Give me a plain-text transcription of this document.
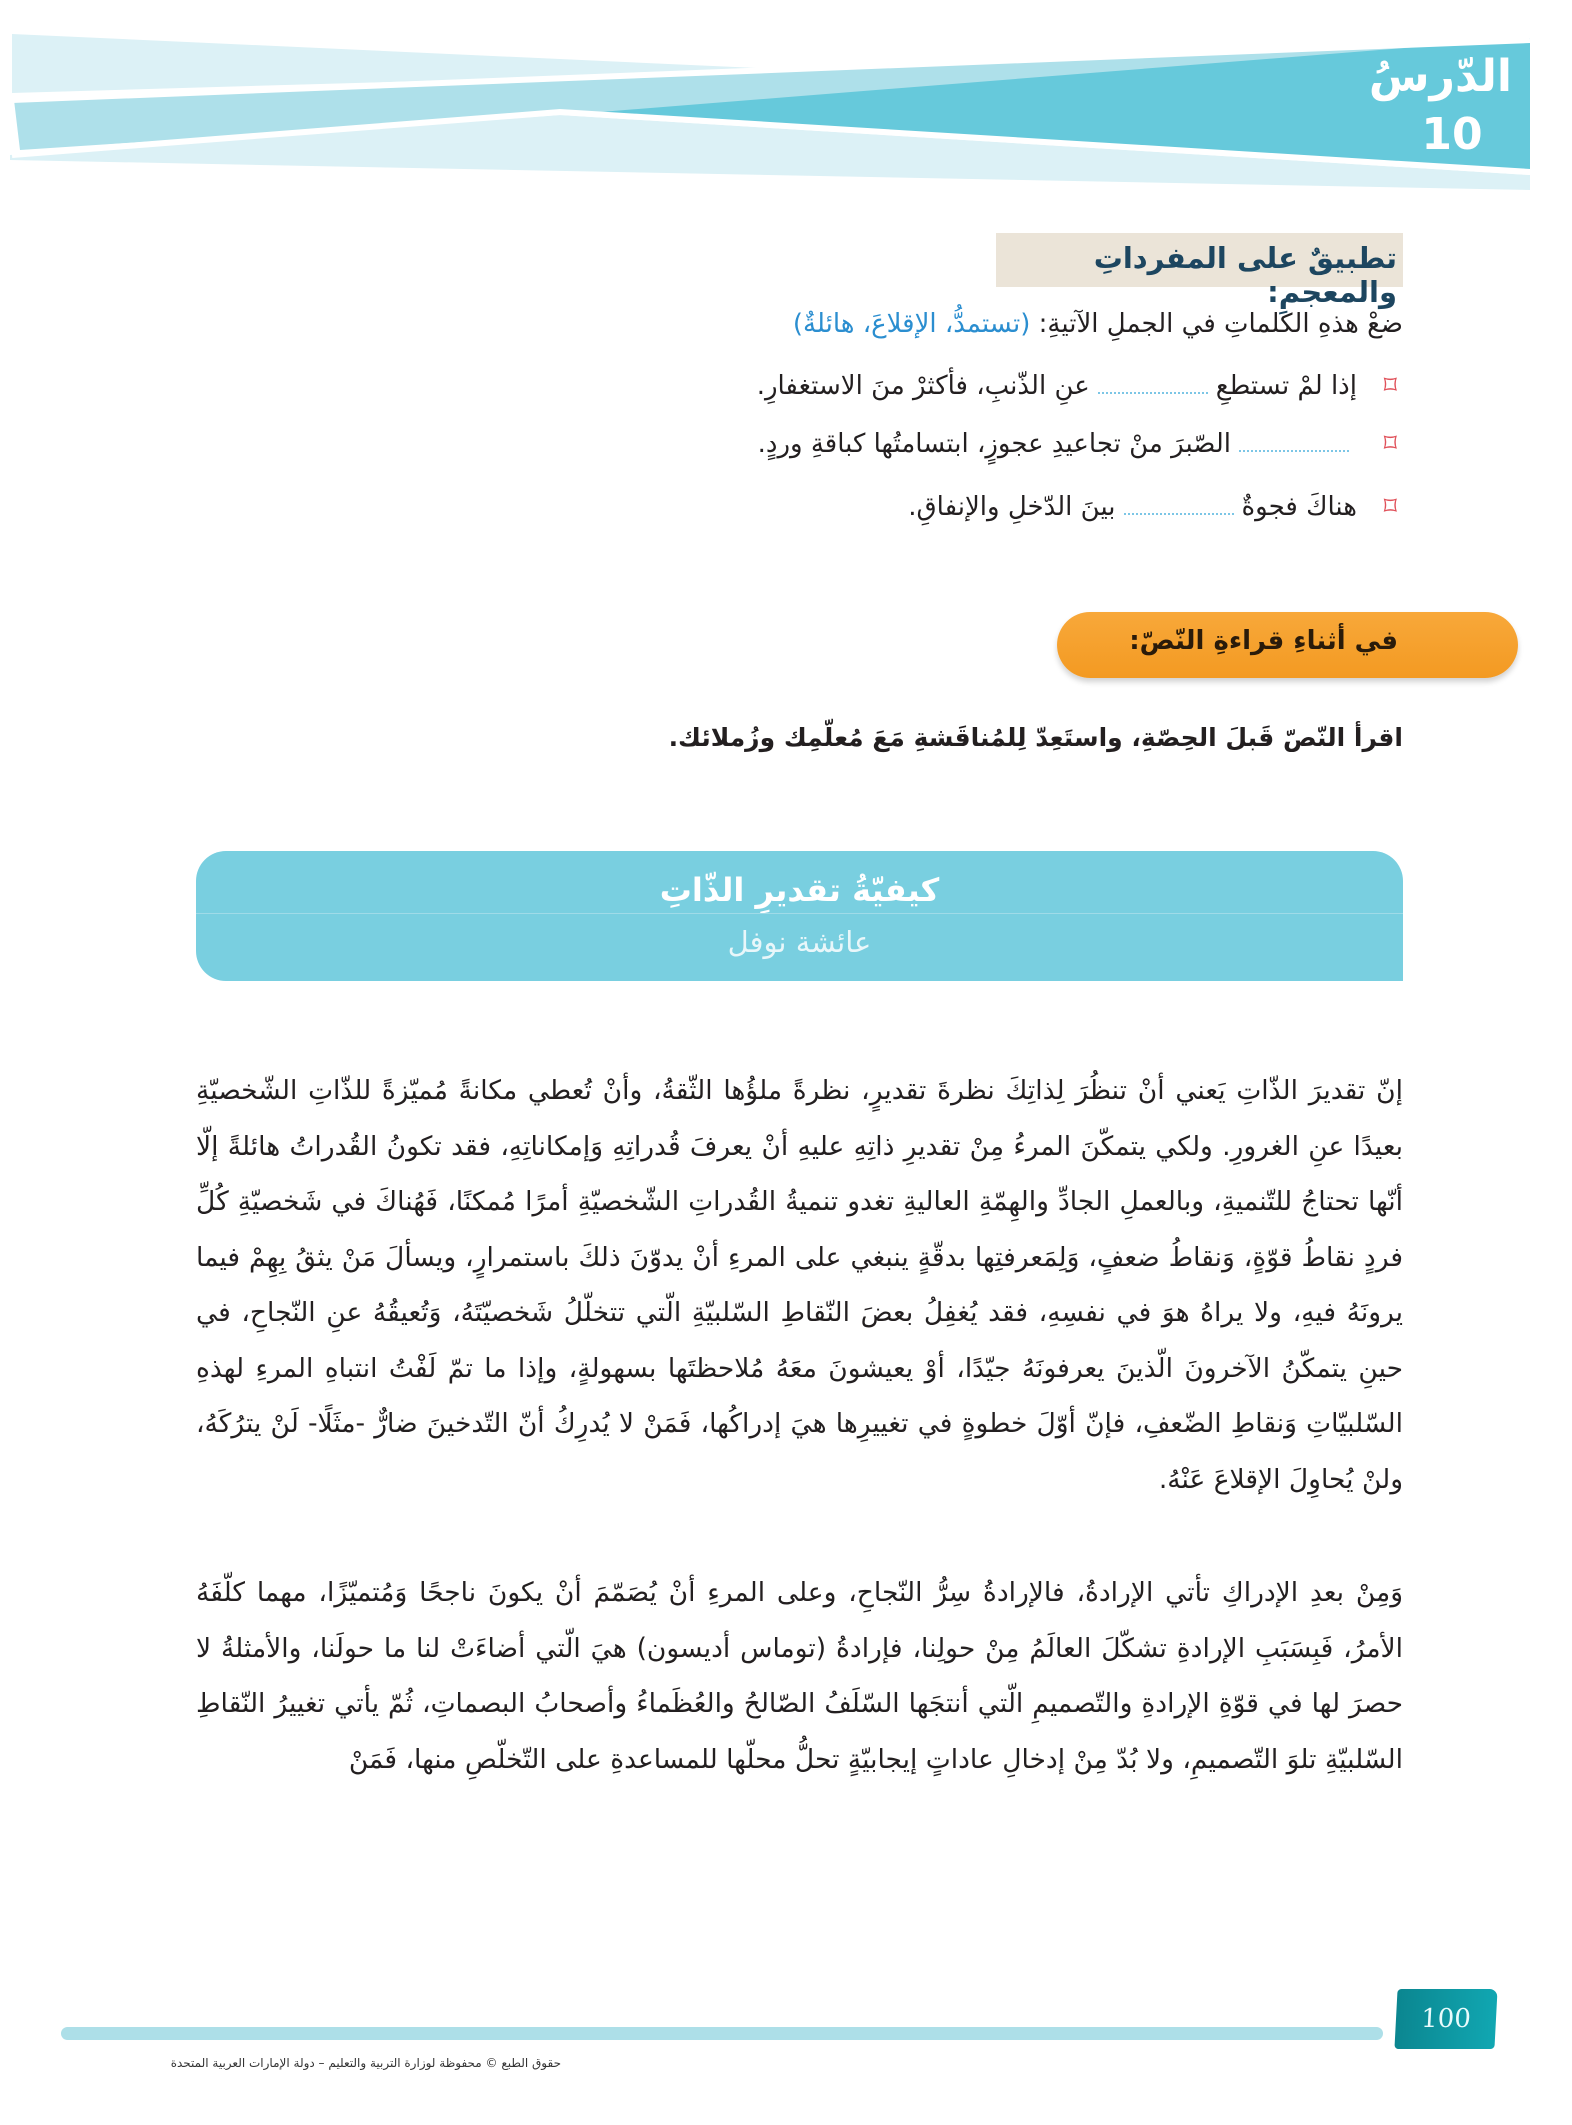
الدّرسُ
10
تطبيقٌ على المفرداتِ والمعجمِ:
ضعْ هذهِ الكلماتِ في الجملِ الآتيةِ: (تستمدُّ، الإقلاعَ، هائلةٌ)
⌑
إذا لمْ تستطعِعنِ الذّنبِ، فأكثرْ منَ الاستغفارِ.
⌑
الصّبرَ منْ تجاعيدِ عجوزٍ، ابتسامتُها كباقةِ وردٍ.
⌑
هناكَ فجوةٌبينَ الدّخلِ والإنفاقِ.
في أثناءِ قراءةِ النّصّ:
اقرأ النّصّ قَبلَ الحِصّةِ، واستَعِدّ لِلمُناقَشةِ مَعَ مُعلّمِك وزُملائك.
كيفيّةُ تقديرِ الذّاتِ
عائشة نوفل
إنّ تقديرَ الذّاتِ يَعني أنْ تنظُرَ لِذاتِكَ نظرةَ تقديرٍ، نظرةً ملؤُها الثّقةُ، وأنْ تُعطي مكانةً مُميّزةً للذّاتِ الشّخصيّةِ بعيدًا عنِ الغرورِ. ولكي يتمكّنَ المرءُ مِنْ تقديرِ ذاتِهِ عليهِ أنْ يعرفَ قُدراتِهِ وَإمكاناتِهِ، فقد تكونُ القُدراتُ هائلةً إلّا أنّها تحتاجُ للتّنميةِ، وبالعملِ الجادِّ والهِمّةِ العاليةِ تغدو تنميةُ القُدراتِ الشّخصيّةِ أمرًا مُمكنًا، فَهُناكَ في شَخصيّةِ كُلِّ فردٍ نقاطُ قوّةٍ، وَنقاطُ ضعفٍ، وَلِمَعرفتِها بدقّةٍ ينبغي على المرءِ أنْ يدوّنَ ذلكَ باستمرارٍ، ويسألَ مَنْ يثقُ بِهِمْ فيما يرونَهُ فيهِ، ولا يراهُ هوَ في نفسِهِ، فقد يُغفِلُ بعضَ النّقاطِ السّلبيّةِ الّتي تتخلّلُ شَخصيّتَهُ، وَتُعيقُهُ عنِ النّجاحِ، في حينِ يتمكّنُ الآخرونَ الّذينَ يعرفونَهُ جيّدًا، أوْ يعيشونَ معَهُ مُلاحظتَها بسهولةٍ، وإذا ما تمّ لَفْتُ انتباهِ المرءِ لهذهِ السّلبيّاتِ وَنقاطِ الضّعفِ، فإنّ أوّلَ خطوةٍ في تغييرِها هيَ إدراكُها، فَمَنْ لا يُدرِكُ أنّ التّدخينَ ضارٌّ -مثَلًا- لَنْ يترُكَهُ، ولنْ يُحاوِلَ الإقلاعَ عَنْهُ.
وَمِنْ بعدِ الإدراكِ تأتي الإرادةُ، فالإرادةُ سِرُّ النّجاحِ، وعلى المرءِ أنْ يُصَمّمَ أنْ يكونَ ناجحًا وَمُتميّزًا، مهما كلّفَهُ الأمرُ، فَبِسَبَبِ الإرادةِ تشكّلَ العالَمُ مِنْ حولِنا، فإرادةُ (توماس أديسون) هيَ الّتي أضاءَتْ لنا ما حولَنا، والأمثلةُ لا حصرَ لها في قوّةِ الإرادةِ والتّصميمِ الّتي أنتجَها السّلَفُ الصّالحُ والعُظَماءُ وأصحابُ البصماتِ، ثُمّ يأتي تغييرُ النّقاطِ السّلبيّةِ تلوَ التّصميمِ، ولا بُدّ مِنْ إدخالِ عاداتٍ إيجابيّةٍ تحلُّ محلّها للمساعدةِ على التّخلّصِ منها، فَمَنْ
100
حقوق الطبع © محفوظة لوزارة التربية والتعليم – دولة الإمارات العربية المتحدة
